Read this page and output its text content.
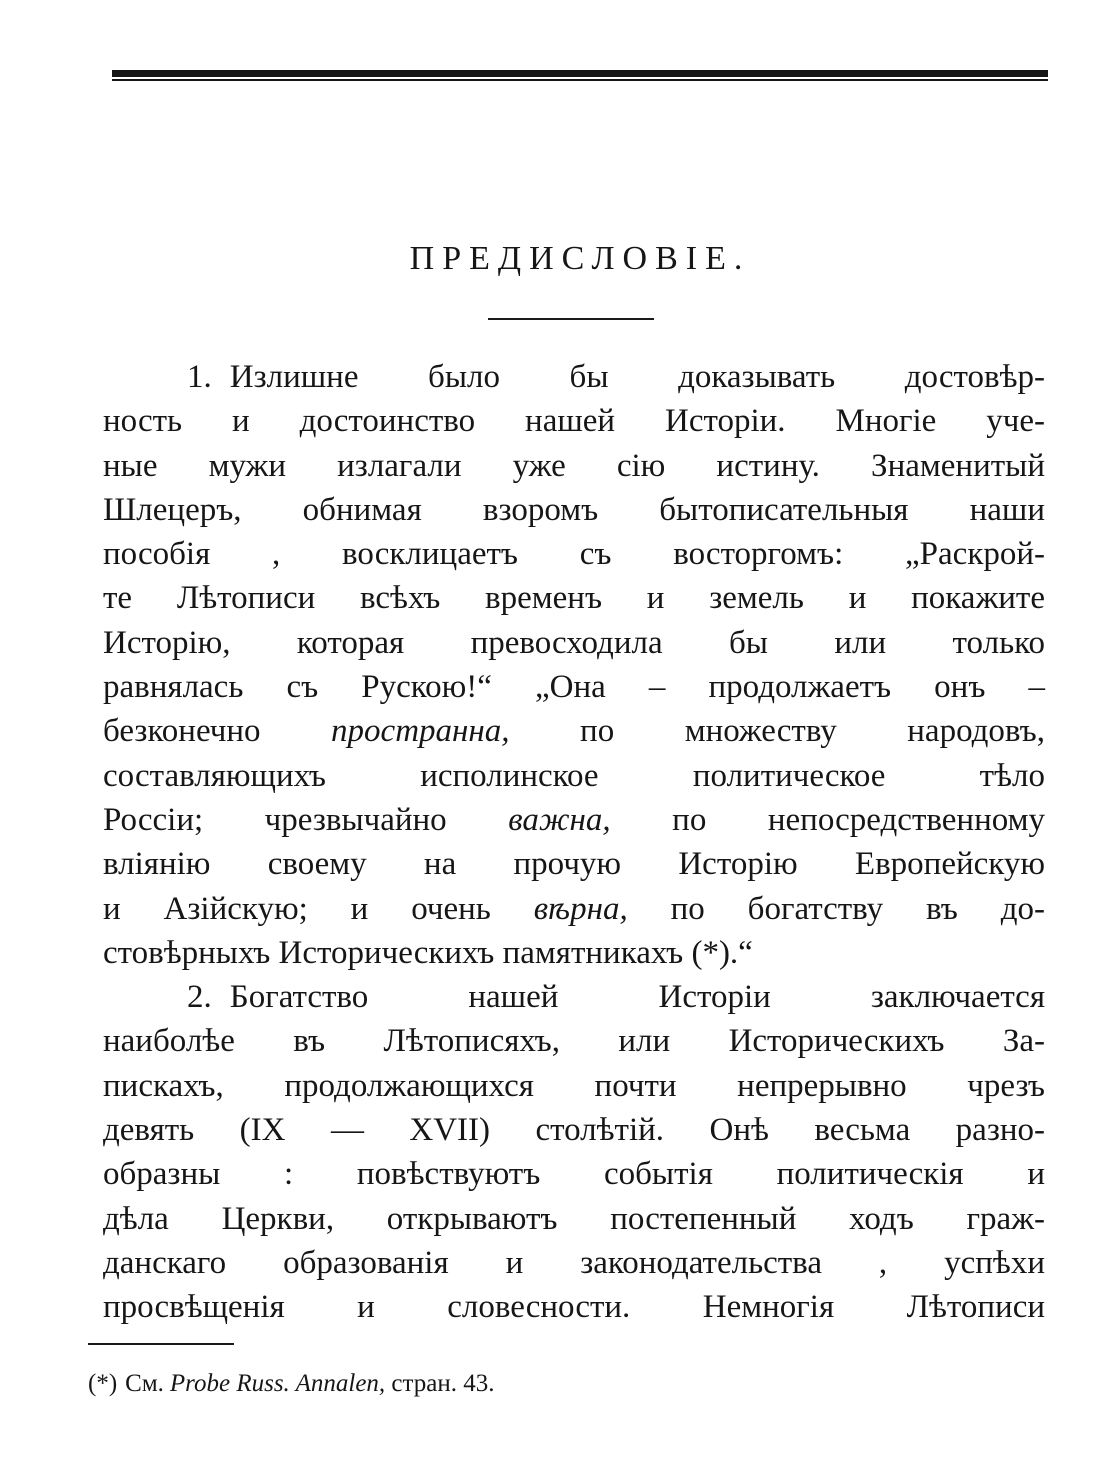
ПРЕДИСЛОВІЕ.
1. Излишне было бы доказывать достовѣр-
ность и достоинство нашей Исторіи. Многіе уче-
ные мужи излагали уже сію истину. Знаменитый
Шлецеръ, обнимая взоромъ бытописательныя наши
пособія , восклицаетъ съ восторгомъ: „Раскрой-
те Лѣтописи всѣхъ временъ и земель и покажите
Исторію, которая превосходила бы или только
равнялась съ Рускою!“ „Она – продолжаетъ онъ –
безконечно пространна, по множеству народовъ,
составляющихъ исполинское политическое тѣло
Россіи; чрезвычайно важна, по непосредственному
вліянію своему на прочую Исторію Европейскую
и Азійскую; и очень вѣрна, по богатству въ до-
стовѣрныхъ Историческихъ памятникахъ (*).“
2. Богатство нашей Исторіи заключается
наиболѣе въ Лѣтописяхъ, или Историческихъ За-
пискахъ, продолжающихся почти непрерывно чрезъ
девять (IX — XVII) столѣтій. Онѣ весьма разно-
образны : повѣствуютъ событія политическія и
дѣла Церкви, открываютъ постепенный ходъ граж-
данскаго образованія и законодательства , успѣхи
просвѣщенія и словесности. Немногія Лѣтописи
(*) См. Probe Russ. Annalen, стран. 43.
